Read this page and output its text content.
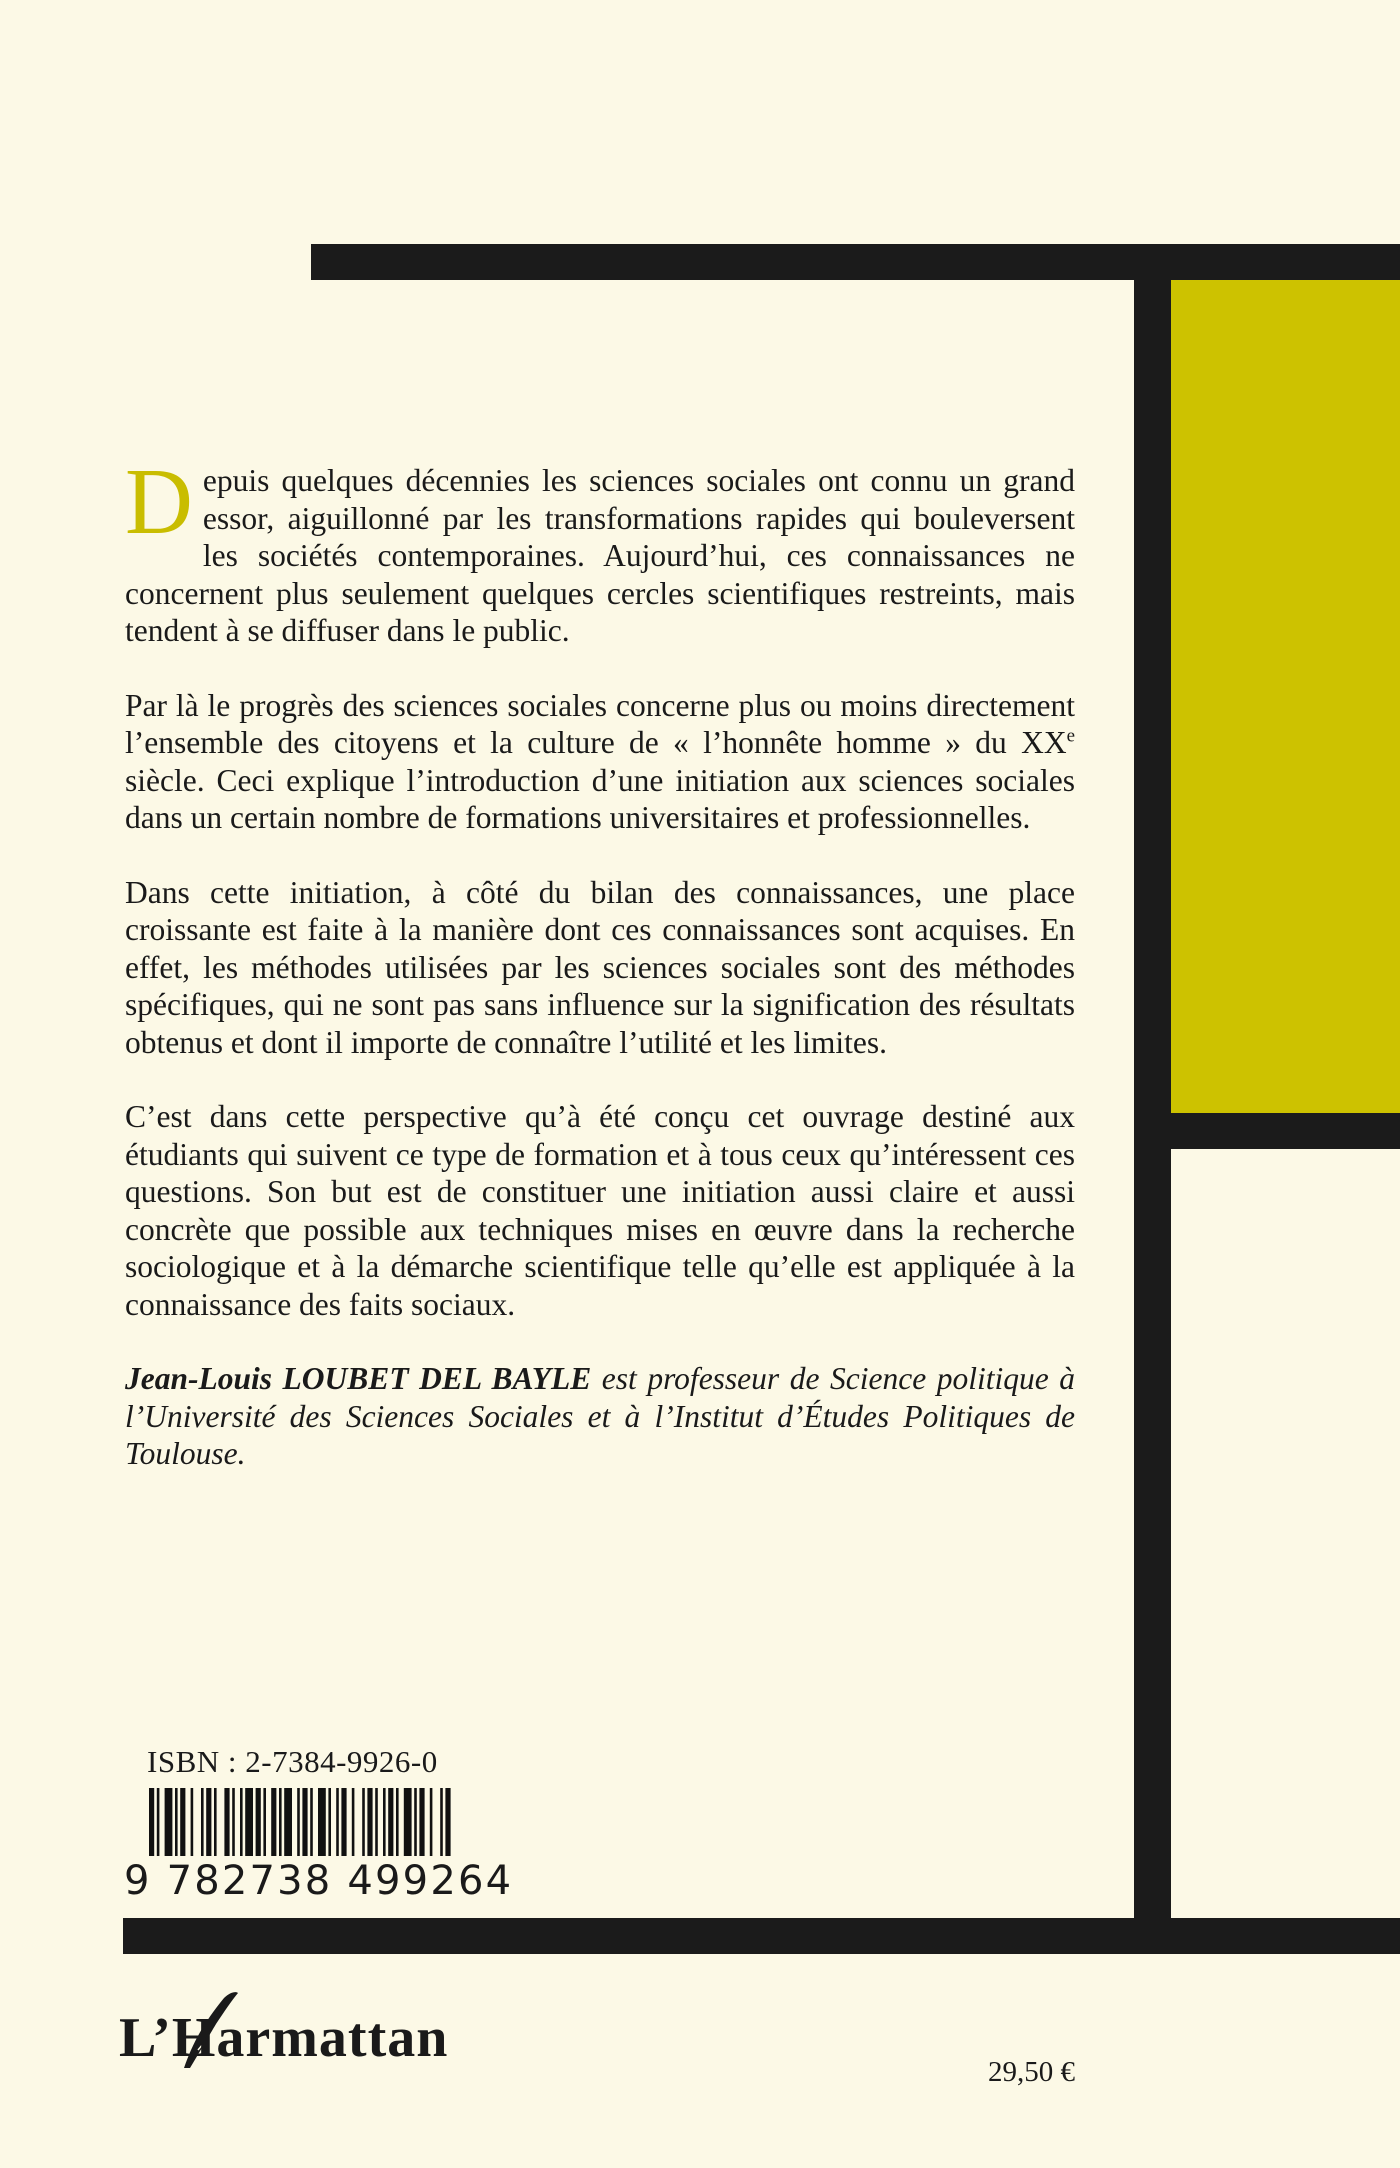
Depuis quelques décennies les sciences sociales ont connu un grand essor, aiguillonné par les transformations rapides qui bouleversent les sociétés contemporaines. Aujourd’hui, ces connaissances ne concernent plus seulement quelques cercles scientifiques restreints, mais tendent à se diffuser dans le public.

Par là le progrès des sciences sociales concerne plus ou moins directement l’ensemble des citoyens et la culture de « l’honnête homme » du XXe siècle. Ceci explique l’introduction d’une initiation aux sciences sociales dans un certain nombre de formations universitaires et professionnelles.

Dans cette initiation, à côté du bilan des connaissances, une place croissante est faite à la manière dont ces connaissances sont acquises. En effet, les méthodes utilisées par les sciences sociales sont des méthodes spécifiques, qui ne sont pas sans influence sur la signification des résultats obtenus et dont il importe de connaître l’utilité et les limites.

C’est dans cette perspective qu’à été conçu cet ouvrage destiné aux étudiants qui suivent ce type de formation et à tous ceux qu’intéressent ces questions. Son but est de constituer une initiation aussi claire et aussi concrète que possible aux techniques mises en œuvre dans la recherche sociologique et à la démarche scientifique telle qu’elle est appliquée à la connaissance des faits sociaux.

Jean-Louis LOUBET DEL BAYLE est professeur de Science politique à l’Université des Sciences Sociales et à l’Institut d’Études Politiques de Toulouse.

ISBN : 2-7384-9926-0
9 782738 499264
L’Harmattan
29,50 €
